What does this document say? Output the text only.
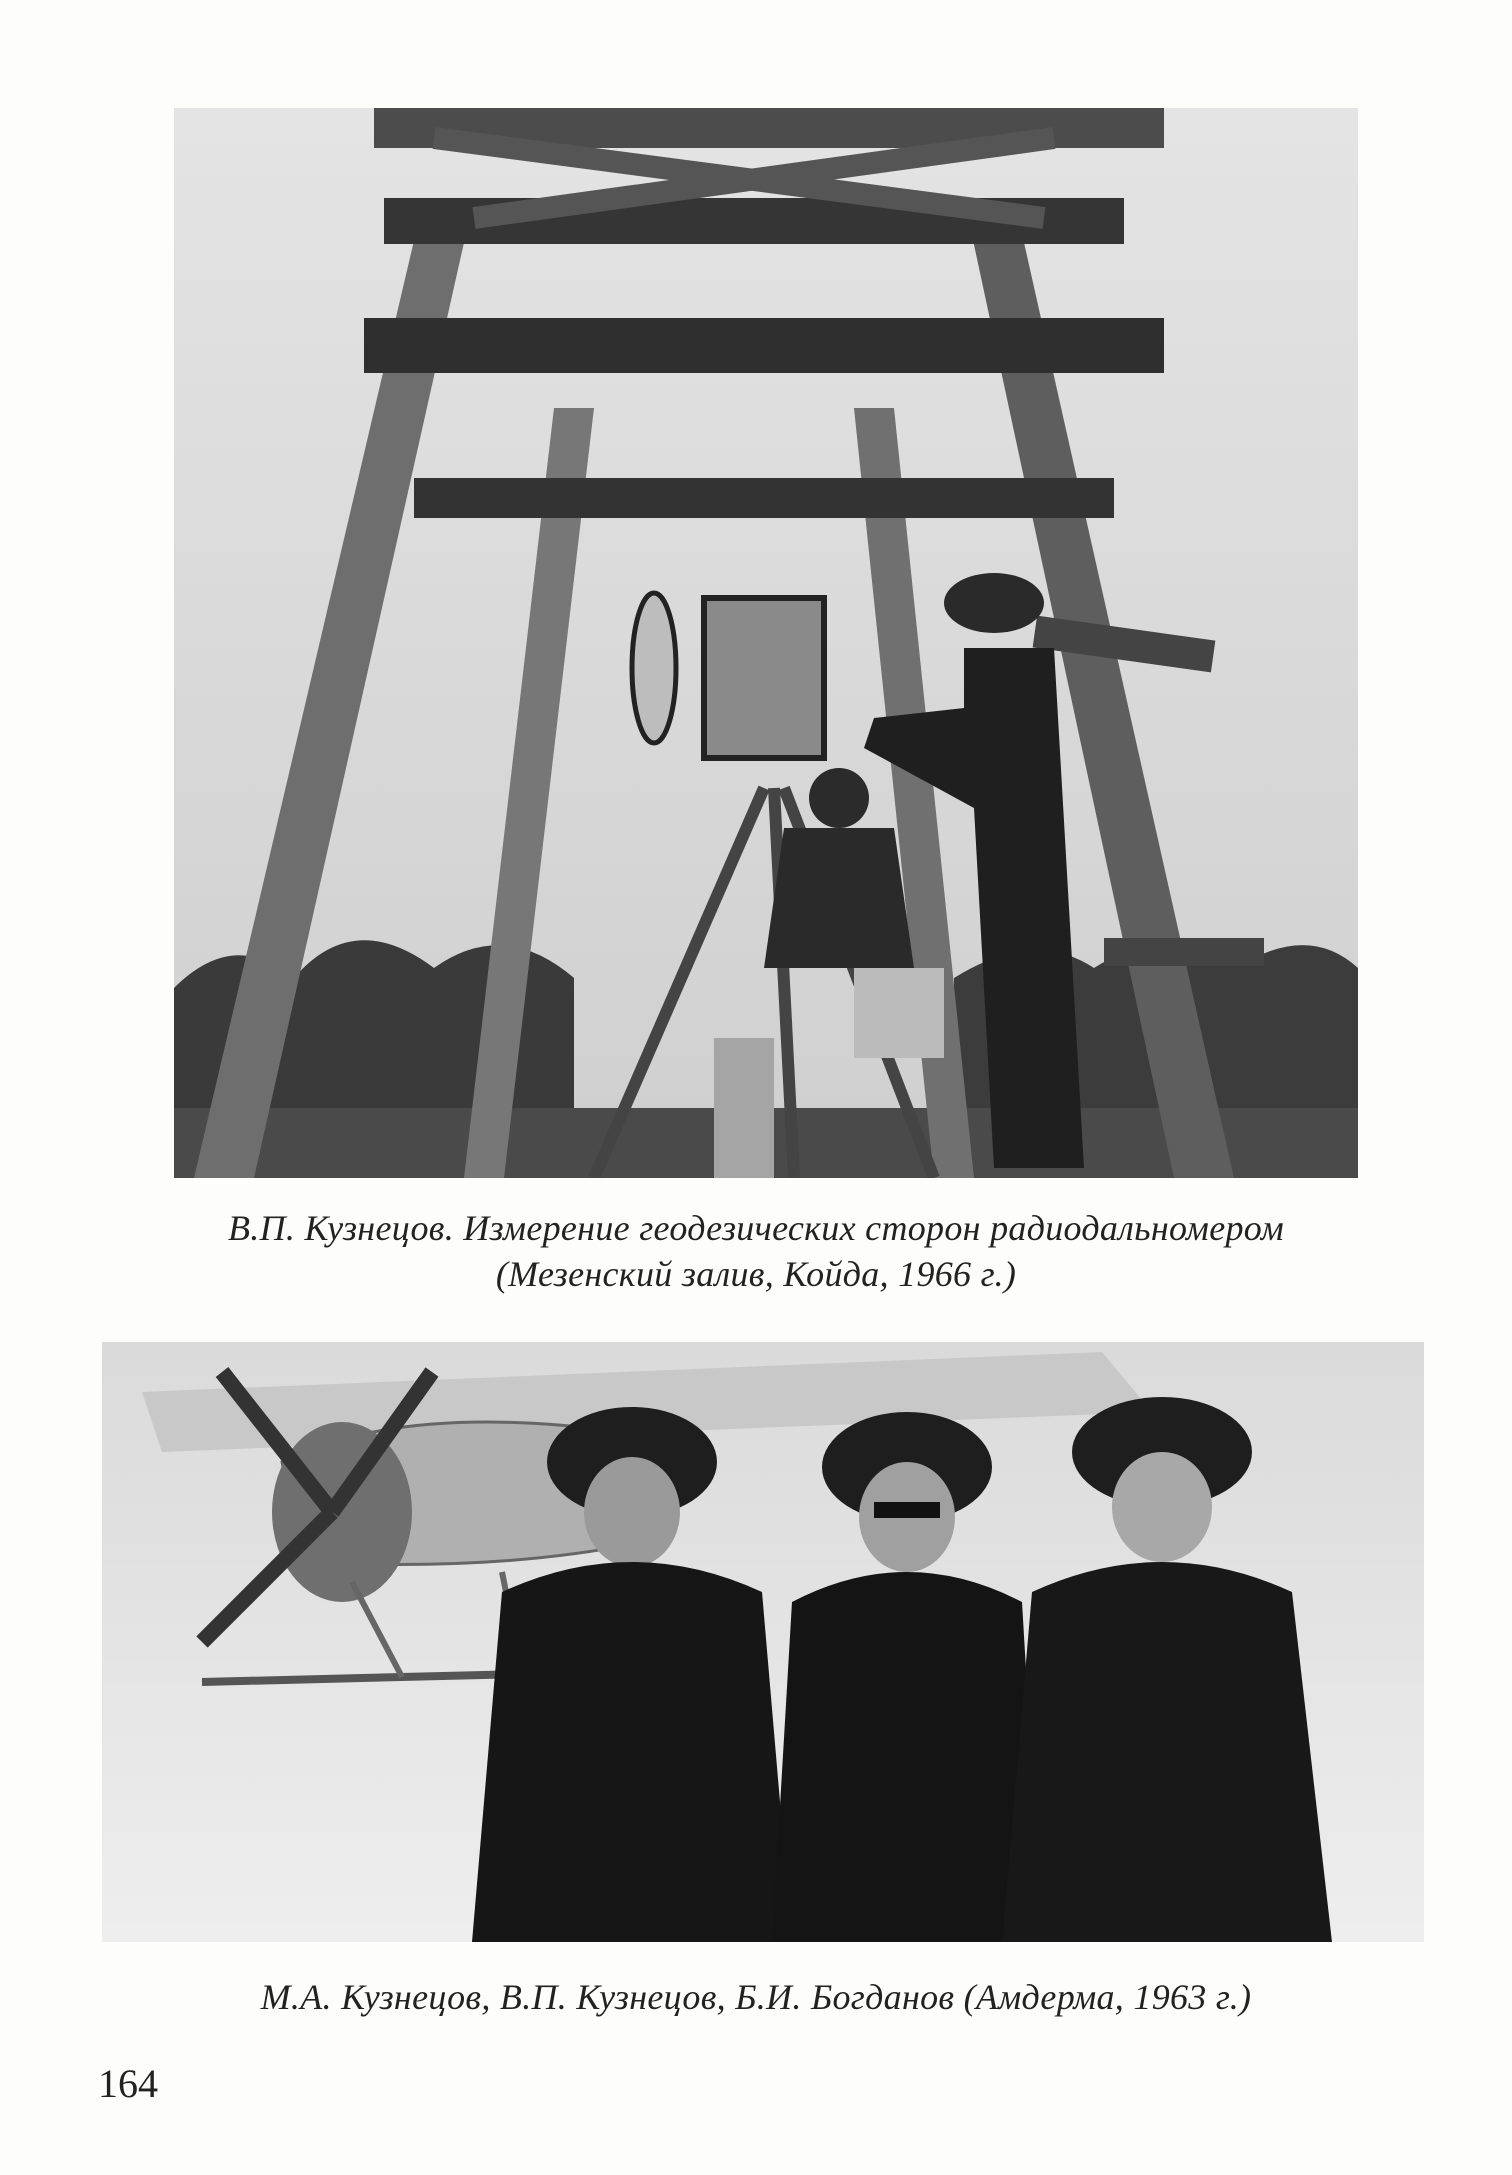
В.П. Кузнецов. Измерение геодезических сторон радиодальномером
(Мезенский залив, Койда, 1966 г.)
М.А. Кузнецов, В.П. Кузнецов, Б.И. Богданов (Амдерма, 1963 г.)
164
